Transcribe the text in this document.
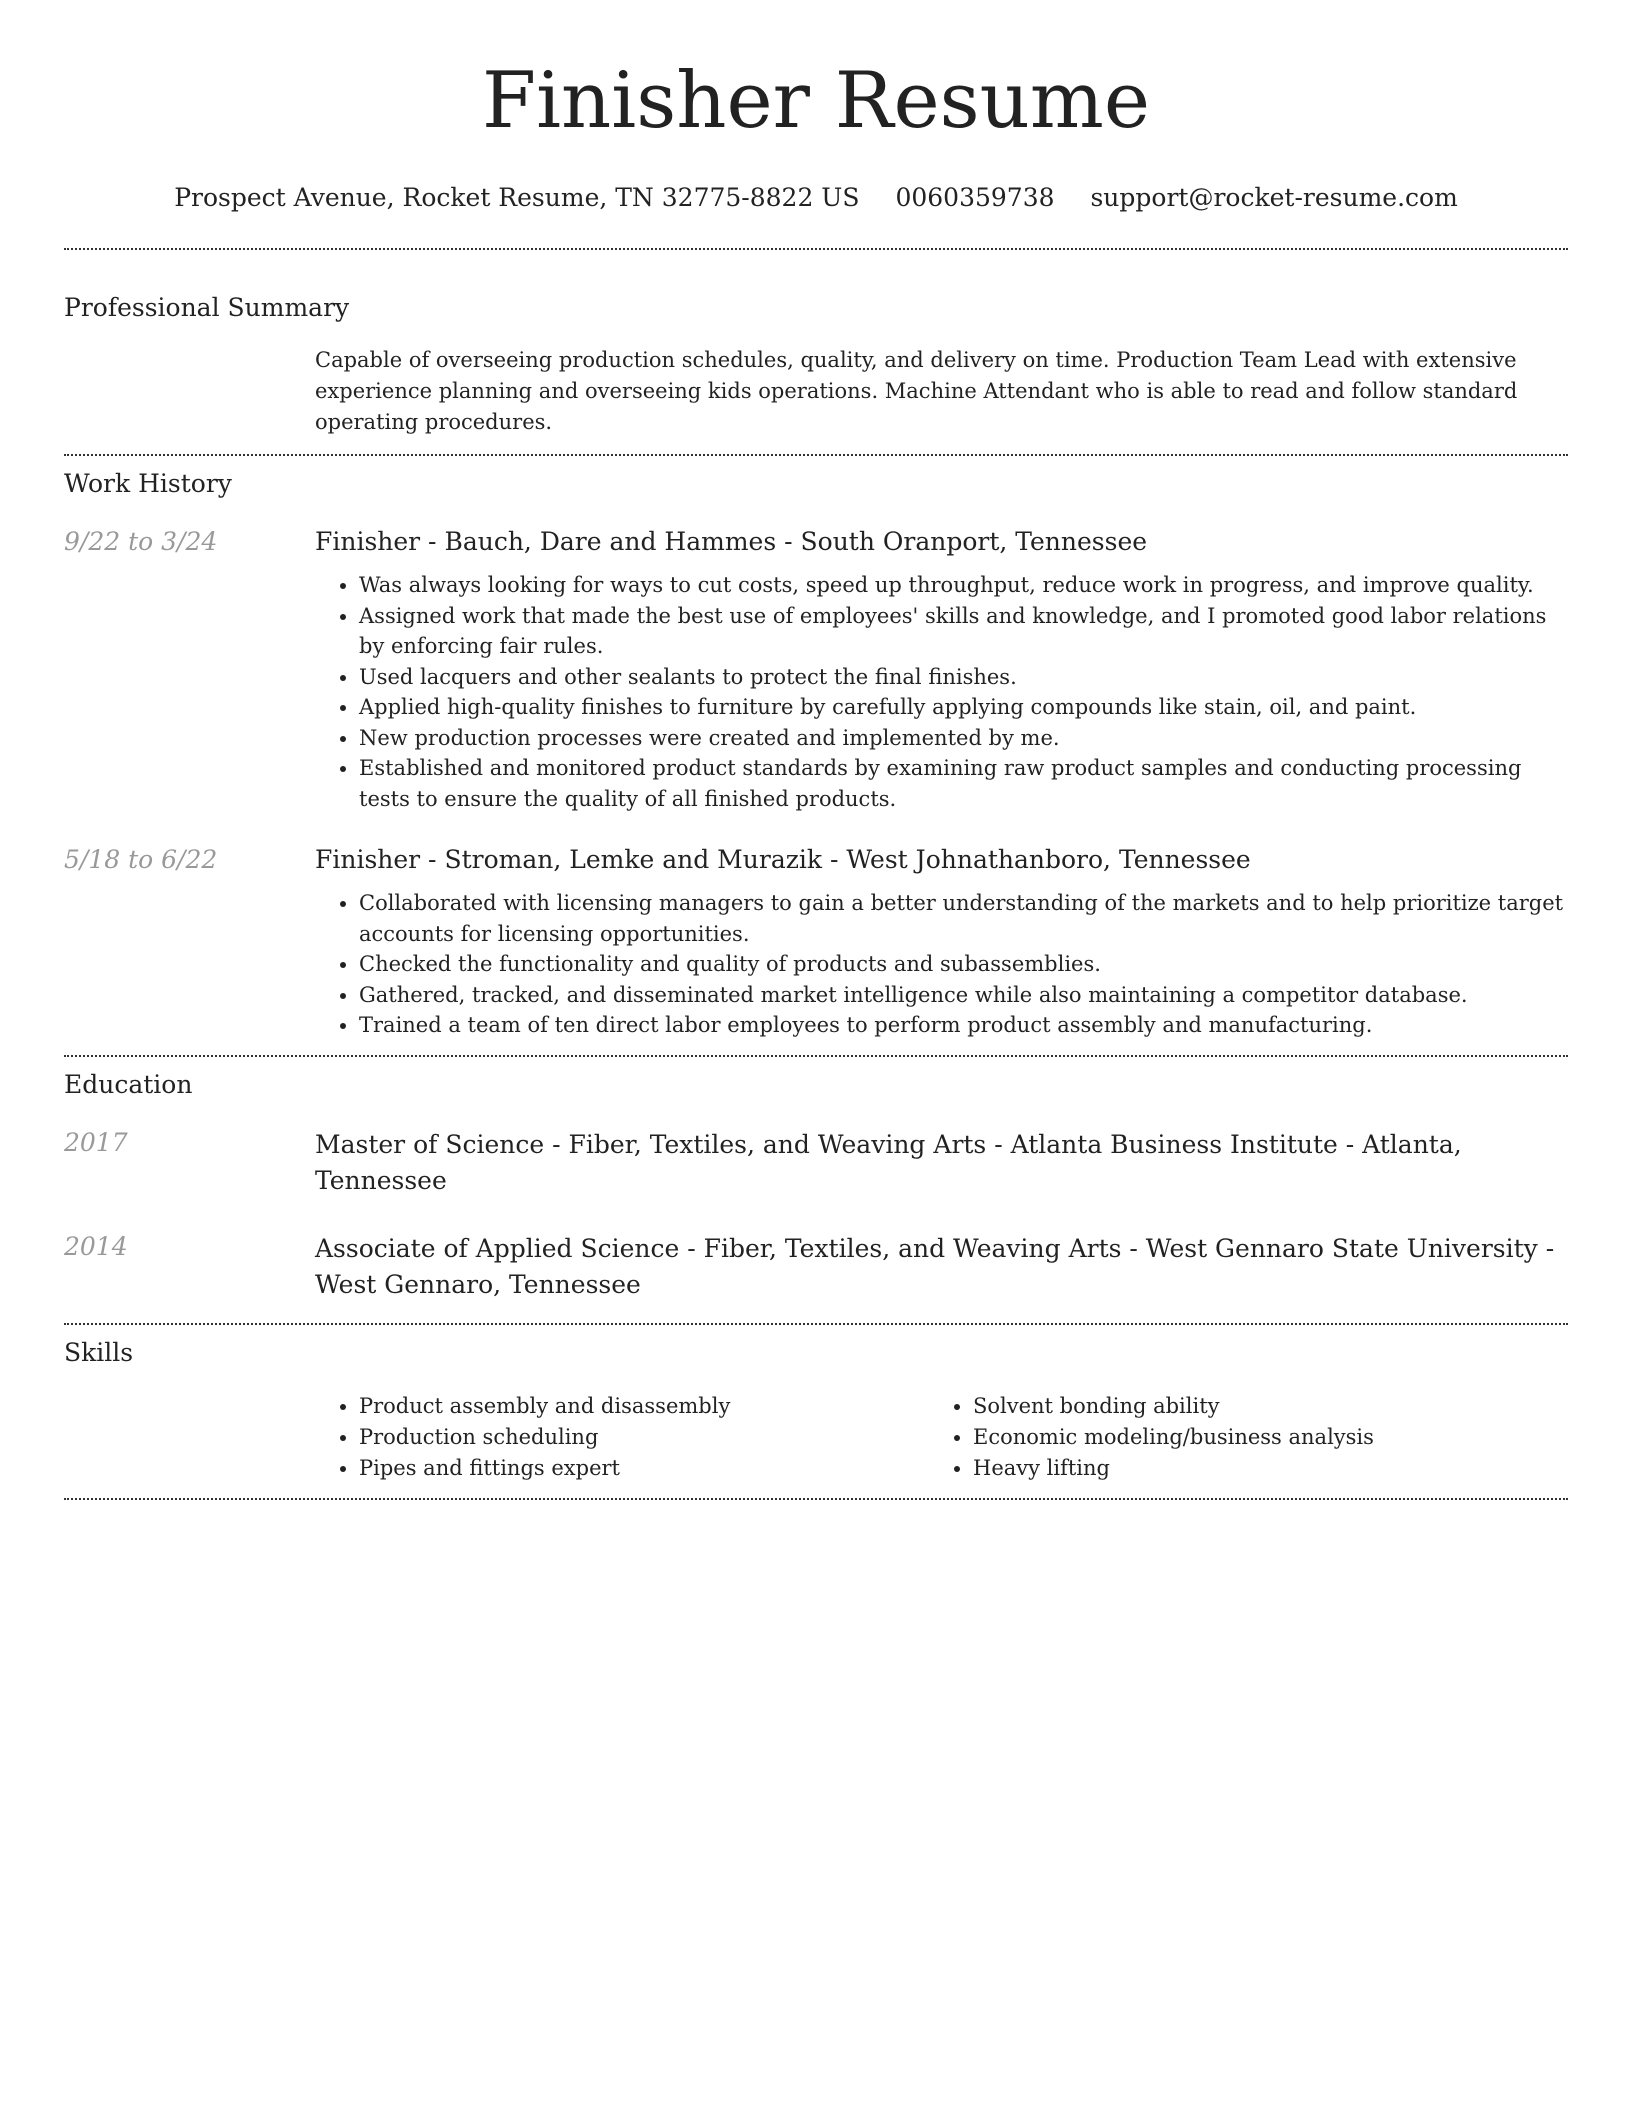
Finisher Resume
Prospect Avenue, Rocket Resume, TN 32775-8822 US 0060359738 support@rocket-resume.com
Professional Summary
Capable of overseeing production schedules, quality, and delivery on time. Production Team Lead with extensive experience planning and overseeing kids operations. Machine Attendant who is able to read and follow standard operating procedures.
Work History
9/22 to 3/24	Finisher - Bauch, Dare and Hammes - South Oranport, Tennessee
• Was always looking for ways to cut costs, speed up throughput, reduce work in progress, and improve quality.
• Assigned work that made the best use of employees' skills and knowledge, and I promoted good labor relations by enforcing fair rules.
• Used lacquers and other sealants to protect the final finishes.
• Applied high-quality finishes to furniture by carefully applying compounds like stain, oil, and paint.
• New production processes were created and implemented by me.
• Established and monitored product standards by examining raw product samples and conducting processing tests to ensure the quality of all finished products.
5/18 to 6/22	Finisher - Stroman, Lemke and Murazik - West Johnathanboro, Tennessee
• Collaborated with licensing managers to gain a better understanding of the markets and to help prioritize target accounts for licensing opportunities.
• Checked the functionality and quality of products and subassemblies.
• Gathered, tracked, and disseminated market intelligence while also maintaining a competitor database.
• Trained a team of ten direct labor employees to perform product assembly and manufacturing.
Education
2017	Master of Science - Fiber, Textiles, and Weaving Arts - Atlanta Business Institute - Atlanta, Tennessee
2014	Associate of Applied Science - Fiber, Textiles, and Weaving Arts - West Gennaro State University - West Gennaro, Tennessee
Skills
• Product assembly and disassembly
• Production scheduling
• Pipes and fittings expert
• Solvent bonding ability
• Economic modeling/business analysis
• Heavy lifting
